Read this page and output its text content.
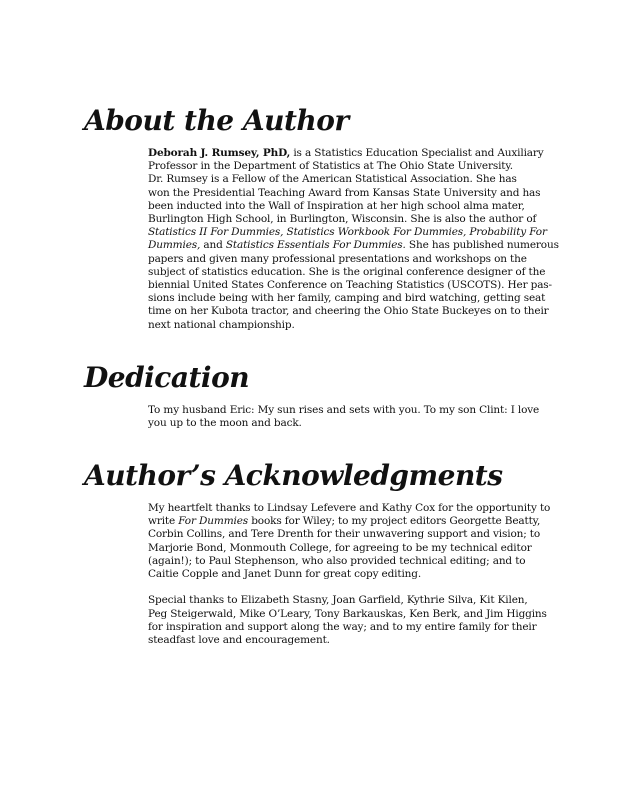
About the Author
Deborah J. Rumsey, PhD, is a Statistics Education Specialist and Auxiliary
Professor in the Department of Statistics at The Ohio State University.
Dr. Rumsey is a Fellow of the American Statistical Association. She has
won the Presidential Teaching Award from Kansas State University and has
been inducted into the Wall of Inspiration at her high school alma mater,
Burlington High School, in Burlington, Wisconsin. She is also the author of
Statistics II For Dummies, Statistics Workbook For Dummies, Probability For
Dummies, and Statistics Essentials For Dummies. She has published numerous
papers and given many professional presentations and workshops on the
subject of statistics education. She is the original conference designer of the
biennial United States Conference on Teaching Statistics (USCOTS). Her pas-
sions include being with her family, camping and bird watching, getting seat
time on her Kubota tractor, and cheering the Ohio State Buckeyes on to their
next national championship.
Dedication
To my husband Eric: My sun rises and sets with you. To my son Clint: I love
you up to the moon and back.
Author’s Acknowledgments
My heartfelt thanks to Lindsay Lefevere and Kathy Cox for the opportunity to
write For Dummies books for Wiley; to my project editors Georgette Beatty,
Corbin Collins, and Tere Drenth for their unwavering support and vision; to
Marjorie Bond, Monmouth College, for agreeing to be my technical editor
(again!); to Paul Stephenson, who also provided technical editing; and to
Caitie Copple and Janet Dunn for great copy editing.
Special thanks to Elizabeth Stasny, Joan Garfield, Kythrie Silva, Kit Kilen,
Peg Steigerwald, Mike O’Leary, Tony Barkauskas, Ken Berk, and Jim Higgins
for inspiration and support along the way; and to my entire family for their
steadfast love and encouragement.
